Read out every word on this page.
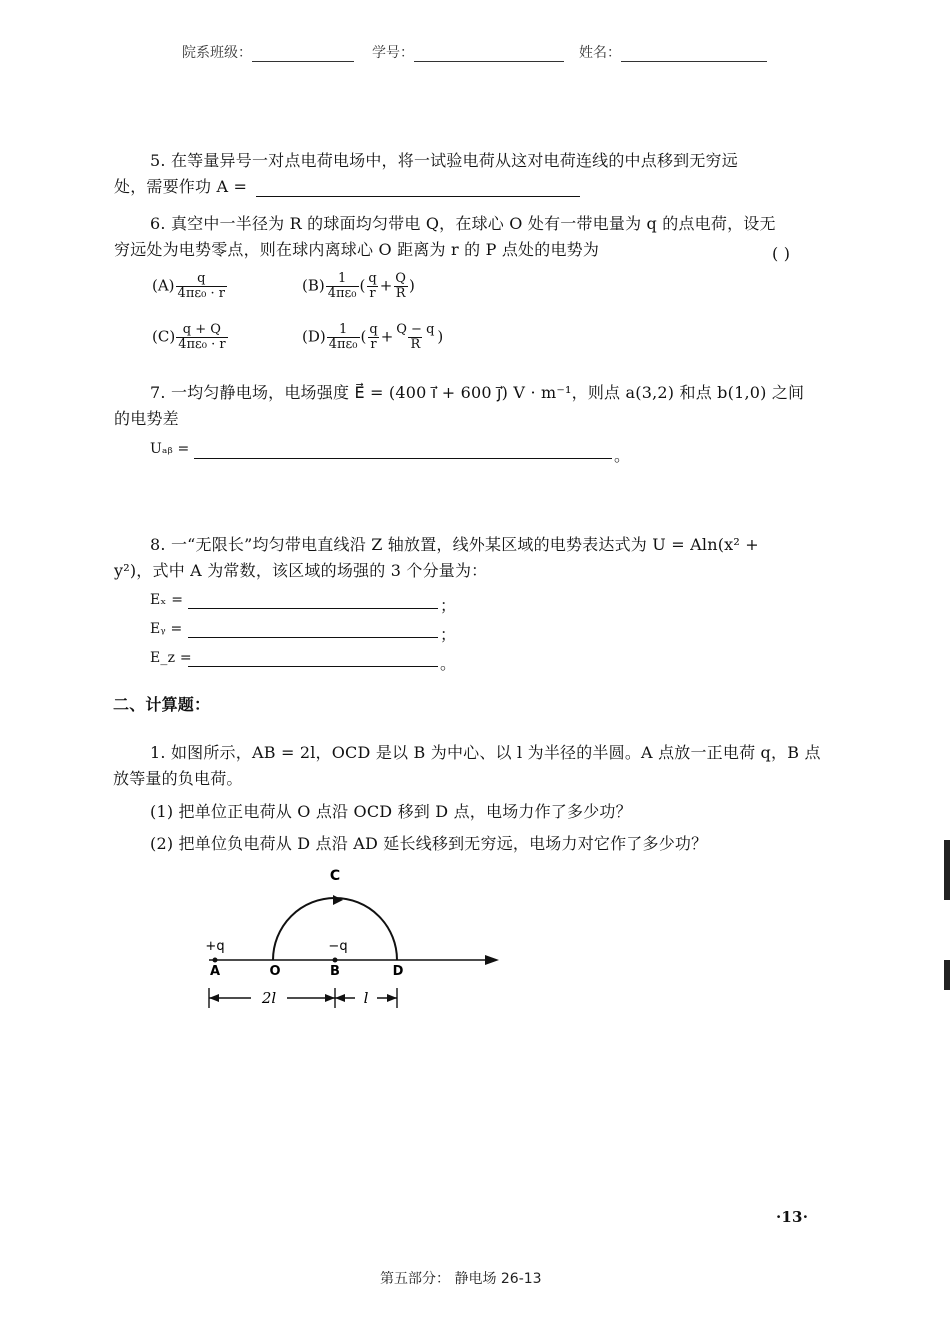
院系班级：	学号：	姓名：
5. 在等量异号一对点电荷电场中，将一试验电荷从这对电荷连线的中点移到无穷远
处，需要作功 A =
6. 真空中一半径为 R 的球面均匀带电 Q，在球心 O 处有一带电量为 q 的点电荷，设无
穷远处为电势零点，则在球内离球心 O 距离为 r 的 P 点处的电势为	( )
$(A) \frac{q}{\text{4πε₀ · r}}$	$(B) \frac{1}{\text{4πε₀}}$ ( $\frac{q}{r} + \frac{Q}{R}$ )
$(C) \frac{q + Q}{\text{4πε₀ · r}}$	$(D) \frac{1}{\text{4πε₀}}$ ( $\frac{q}{r} + \frac{Q - q}{R}$ )
7. 一均匀静电场，电场强度 E⃗ = (400 i⃗ + 600 j⃗) V · m⁻¹，则点 a(3,2) 和点 b(1,0) 之间
的电势差
Uₐᵦ =	。
8. 一“无限长”均匀带电直线沿 Z 轴放置，线外某区域的电势表达式为 U = Aln(x² +
y²)，式中 A 为常数，该区域的场强的 3 个分量为：
Eₓ =	；
Eᵧ =	；
E_z =	。
二、计算题：
1. 如图所示，AB = 2l，OCD 是以 B 为中心、以 l 为半径的半圆。A 点放一正电荷 q，B 点
放等量的负电荷。
(1) 把单位正电荷从 O 点沿 OCD 移到 D 点，电场力作了多少功？
(2) 把单位负电荷从 D 点沿 AD 延长线移到无穷远，电场力对它作了多少功？
C
+q	−q
A	O	B	D
2l	l
·13·
第五部分： 静电场 26-13
